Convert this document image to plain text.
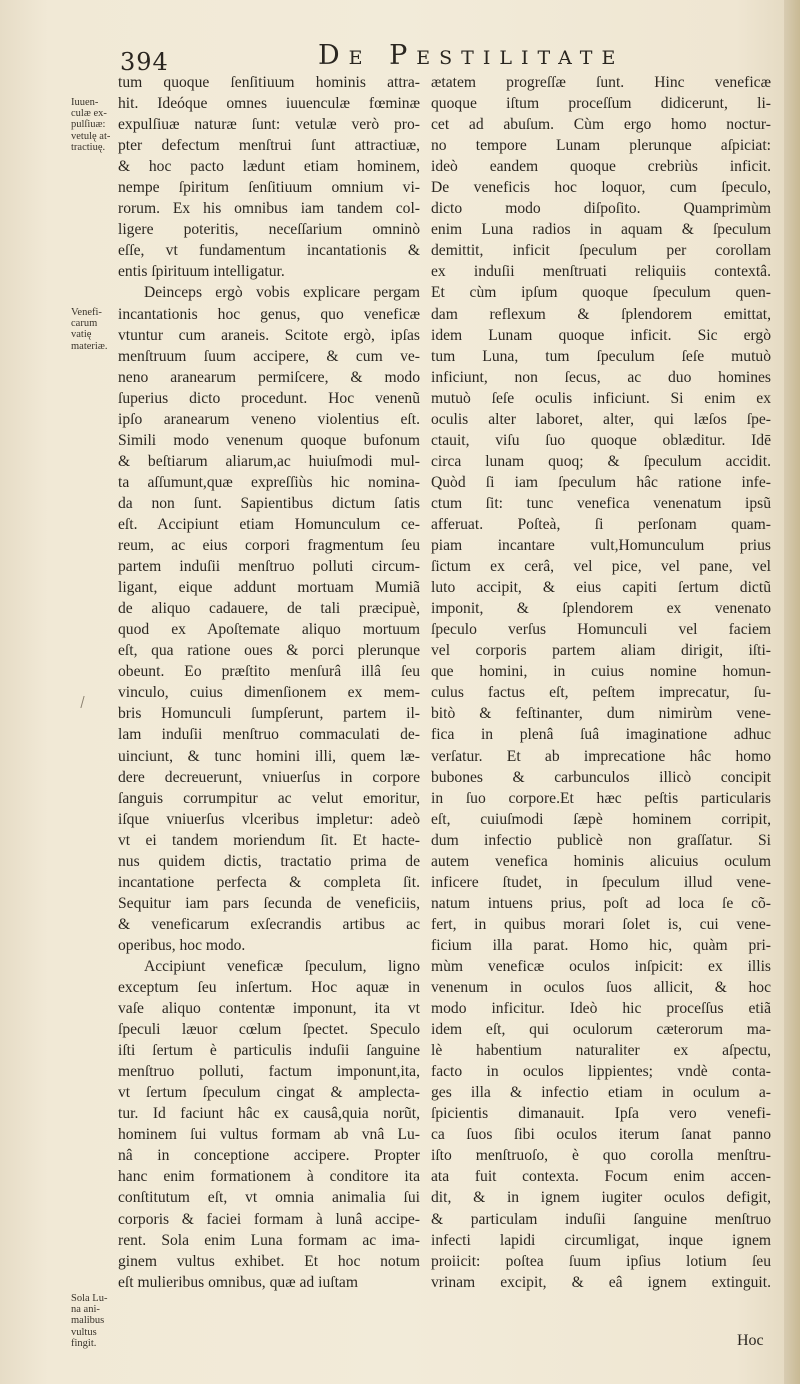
394	De Pestilitate
Iuuen-
culæ ex-
pulſiuæ:
vetulę at-
tractiuę.
Venefi-
carum
vatię
materiæ.
Sola Lu-
na ani-
malibus
vultus
fingit.
tum quoque ſenſitiuum hominis attra-
hit. Ideóque omnes iuuenculæ fœminæ
expulſiuæ naturæ ſunt: vetulæ verò pro-
pter defectum menſtrui ſunt attractiuæ,
& hoc pacto lædunt etiam hominem,
nempe ſpiritum ſenſitiuum omnium vi-
rorum. Ex his omnibus iam tandem col-
ligere poteritis, neceſſarium omninò
eſſe, vt fundamentum incantationis &
entis ſpirituum intelligatur.
Deinceps ergò vobis explicare pergam
incantationis hoc genus, quo veneficæ
vtuntur cum araneis. Scitote ergò, ipſas
menſtruum ſuum accipere, & cum ve-
neno aranearum permiſcere, & modo
ſuperius dicto procedunt. Hoc venenũ
ipſo aranearum veneno violentius eſt.
Simili modo venenum quoque bufonum
& beſtiarum aliarum,ac huiuſmodi mul-
ta aſſumunt,quæ expreſſiùs hic nomina-
da non ſunt. Sapientibus dictum ſatis
eſt. Accipiunt etiam Homunculum ce-
reum, ac eius corpori fragmentum ſeu
partem induſii menſtruo polluti circum-
ligant, eique addunt mortuam Mumiã
de aliquo cadauere, de tali præcipuè,
quod ex Apoſtemate aliquo mortuum
eſt, qua ratione oues & porci plerunque
obeunt. Eo præſtito menſurâ illâ ſeu
vinculo, cuius dimenſionem ex mem-
bris Homunculi ſumpſerunt, partem il-
lam induſii menſtruo commaculati de-
uinciunt, & tunc homini illi, quem læ-
dere decreuerunt, vniuerſus in corpore
ſanguis corrumpitur ac velut emoritur,
iſque vniuerſus vlceribus impletur: adeò
vt ei tandem moriendum ſit. Et hacte-
nus quidem dictis, tractatio prima de
incantatione perfecta & completa ſit.
Sequitur iam pars ſecunda de veneficiis,
& veneficarum exſecrandis artibus ac
operibus, hoc modo.
Accipiunt veneficæ ſpeculum, ligno
exceptum ſeu inſertum. Hoc aquæ in
vaſe aliquo contentæ imponunt, ita vt
ſpeculi læuor cœlum ſpectet. Speculo
iſti ſertum è particulis induſii ſanguine
menſtruo polluti, factum imponunt,ita,
vt ſertum ſpeculum cingat & amplecta-
tur. Id faciunt hâc ex causâ,quia norũt,
hominem ſui vultus formam ab vnâ Lu-
nâ in conceptione accipere. Propter
hanc enim formationem à conditore ita
conſtitutum eſt, vt omnia animalia ſui
corporis & faciei formam à lunâ accipe-
rent. Sola enim Luna formam ac ima-
ginem vultus exhibet. Et hoc notum
eſt mulieribus omnibus, quæ ad iuſtam
ætatem progreſſæ ſunt. Hinc veneficæ
quoque iſtum proceſſum didicerunt, li-
cet ad abuſum. Cùm ergo homo noctur-
no tempore Lunam plerunque aſpiciat:
ideò eandem quoque crebriùs inficit.
De veneficis hoc loquor, cum ſpeculo,
dicto modo diſpoſito. Quamprimùm
enim Luna radios in aquam & ſpeculum
demittit, inficit ſpeculum per corollam
ex induſii menſtruati reliquiis contextâ.
Et cùm ipſum quoque ſpeculum quen-
dam reflexum & ſplendorem emittat,
idem Lunam quoque inficit. Sic ergò
tum Luna, tum ſpeculum ſeſe mutuò
inficiunt, non ſecus, ac duo homines
mutuò ſeſe oculis inficiunt. Si enim ex
oculis alter laboret, alter, qui læſos ſpe-
ctauit, viſu ſuo quoque oblæditur. Idē
circa lunam quoq; & ſpeculum accidit.
Quòd ſi iam ſpeculum hâc ratione infe-
ctum ſit: tunc venefica venenatum ipsũ
afferuat. Poſteà, ſi perſonam quam-
piam incantare vult,Homunculum prius
ſictum ex cerâ, vel pice, vel pane, vel
luto accipit, & eius capiti ſertum dictũ
imponit, & ſplendorem ex venenato
ſpeculo verſus Homunculi vel faciem
vel corporis partem aliam dirigit, iſti-
que homini, in cuius nomine homun-
culus factus eſt, peſtem imprecatur, ſu-
bitò & feſtinanter, dum nimirùm vene-
fica in plenâ ſuâ imaginatione adhuc
verſatur. Et ab imprecatione hâc homo
bubones & carbunculos illicò concipit
in ſuo corpore.Et hæc peſtis particularis
eſt, cuiuſmodi ſæpè hominem corripit,
dum infectio publicè non graſſatur. Si
autem venefica hominis alicuius oculum
inficere ſtudet, in ſpeculum illud vene-
natum intuens prius, poſt ad loca ſe cõ-
fert, in quibus morari ſolet is, cui vene-
ficium illa parat. Homo hic, quàm pri-
mùm veneficæ oculos inſpicit: ex illis
venenum in oculos ſuos allicit, & hoc
modo inficitur. Ideò hic proceſſus etiã
idem eſt, qui oculorum cæterorum ma-
lè habentium naturaliter ex aſpectu,
facto in oculos lippientes; vndè conta-
ges illa & infectio etiam in oculum a-
ſpicientis dimanauit. Ipſa vero venefi-
ca ſuos ſibi oculos iterum ſanat panno
iſto menſtruoſo, è quo corolla menſtru-
ata fuit contexta. Focum enim accen-
dit, & in ignem iugiter oculos defigit,
& particulam induſii ſanguine menſtruo
infecti lapidi circumligat, inque ignem
proiicit: poſtea ſuum ipſius lotium ſeu
vrinam excipit, & eâ ignem extinguit.
Hoc
